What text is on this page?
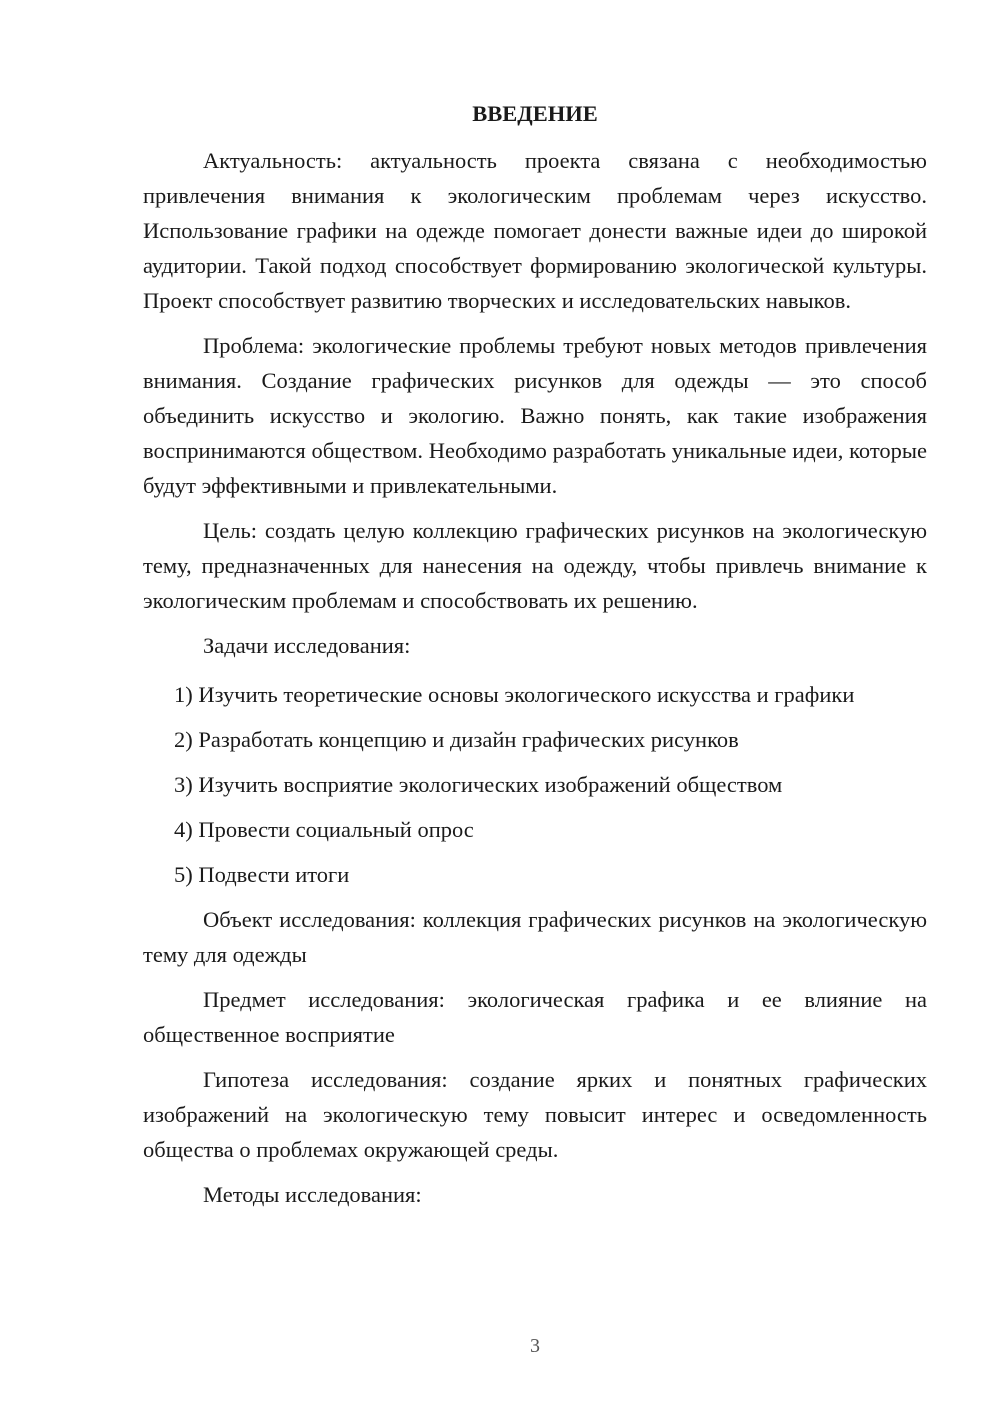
ВВЕДЕНИЕ

Актуальность: актуальность проекта связана с необходимостью привлечения внимания к экологическим проблемам через искусство. Использование графики на одежде помогает донести важные идеи до широкой аудитории. Такой подход способствует формированию экологической культуры. Проект способствует развитию творческих и исследовательских навыков.

Проблема: экологические проблемы требуют новых методов привлечения внимания. Создание графических рисунков для одежды — это способ объединить искусство и экологию. Важно понять, как такие изображения воспринимаются обществом. Необходимо разработать уникальные идеи, которые будут эффективными и привлекательными.

Цель: создать целую коллекцию графических рисунков на экологическую тему, предназначенных для нанесения на одежду, чтобы привлечь внимание к экологическим проблемам и способствовать их решению.

Задачи исследования:

1) Изучить теоретические основы экологического искусства и графики
2) Разработать концепцию и дизайн графических рисунков
3) Изучить восприятие экологических изображений обществом
4) Провести социальный опрос
5) Подвести итоги

Объект исследования: коллекция графических рисунков на экологическую тему для одежды

Предмет исследования: экологическая графика и ее влияние на общественное восприятие

Гипотеза исследования: создание ярких и понятных графических изображений на экологическую тему повысит интерес и осведомленность общества о проблемах окружающей среды.

Методы исследования:

3
